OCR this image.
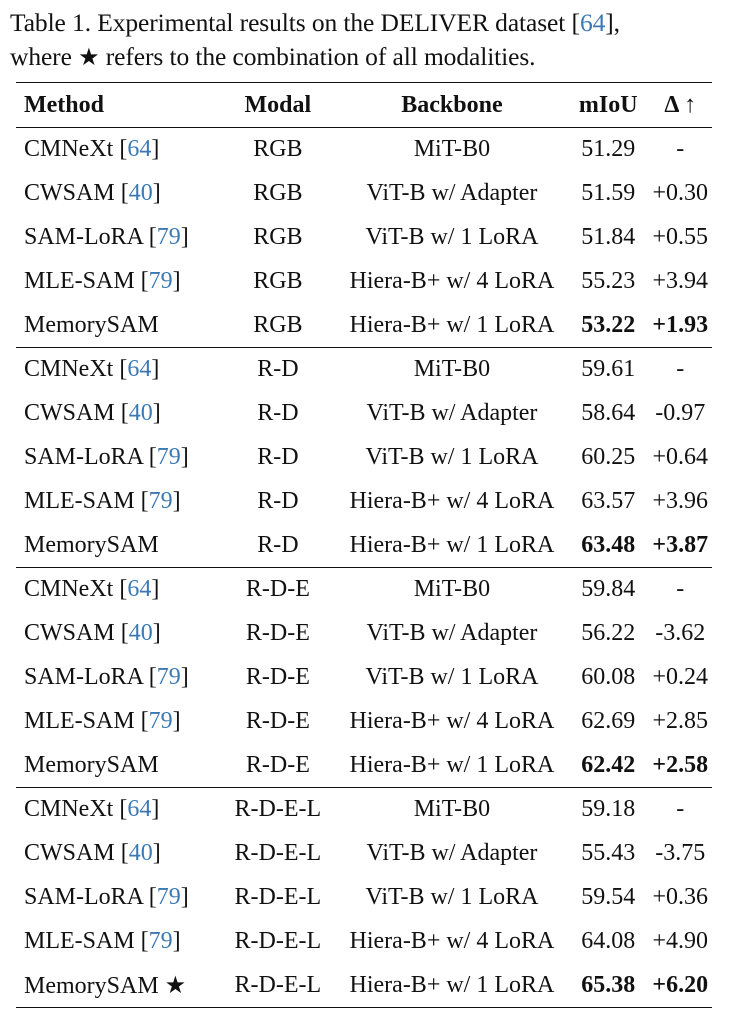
Table 1. Experimental results on the DELIVER dataset [64],
where ★ refers to the combination of all modalities.
Method	Modal	Backbone	mIoU	Δ ↑
CMNeXt [64]	RGB	MiT-B0	51.29	-
CWSAM [40]	RGB	ViT-B w/ Adapter	51.59	+0.30
SAM-LoRA [79]	RGB	ViT-B w/ 1 LoRA	51.84	+0.55
MLE-SAM [79]	RGB	Hiera-B+ w/ 4 LoRA	55.23	+3.94
MemorySAM	RGB	Hiera-B+ w/ 1 LoRA	53.22	+1.93
CMNeXt [64]	R-D	MiT-B0	59.61	-
CWSAM [40]	R-D	ViT-B w/ Adapter	58.64	-0.97
SAM-LoRA [79]	R-D	ViT-B w/ 1 LoRA	60.25	+0.64
MLE-SAM [79]	R-D	Hiera-B+ w/ 4 LoRA	63.57	+3.96
MemorySAM	R-D	Hiera-B+ w/ 1 LoRA	63.48	+3.87
CMNeXt [64]	R-D-E	MiT-B0	59.84	-
CWSAM [40]	R-D-E	ViT-B w/ Adapter	56.22	-3.62
SAM-LoRA [79]	R-D-E	ViT-B w/ 1 LoRA	60.08	+0.24
MLE-SAM [79]	R-D-E	Hiera-B+ w/ 4 LoRA	62.69	+2.85
MemorySAM	R-D-E	Hiera-B+ w/ 1 LoRA	62.42	+2.58
CMNeXt [64]	R-D-E-L	MiT-B0	59.18	-
CWSAM [40]	R-D-E-L	ViT-B w/ Adapter	55.43	-3.75
SAM-LoRA [79]	R-D-E-L	ViT-B w/ 1 LoRA	59.54	+0.36
MLE-SAM [79]	R-D-E-L	Hiera-B+ w/ 4 LoRA	64.08	+4.90
MemorySAM ★	R-D-E-L	Hiera-B+ w/ 1 LoRA	65.38	+6.20
